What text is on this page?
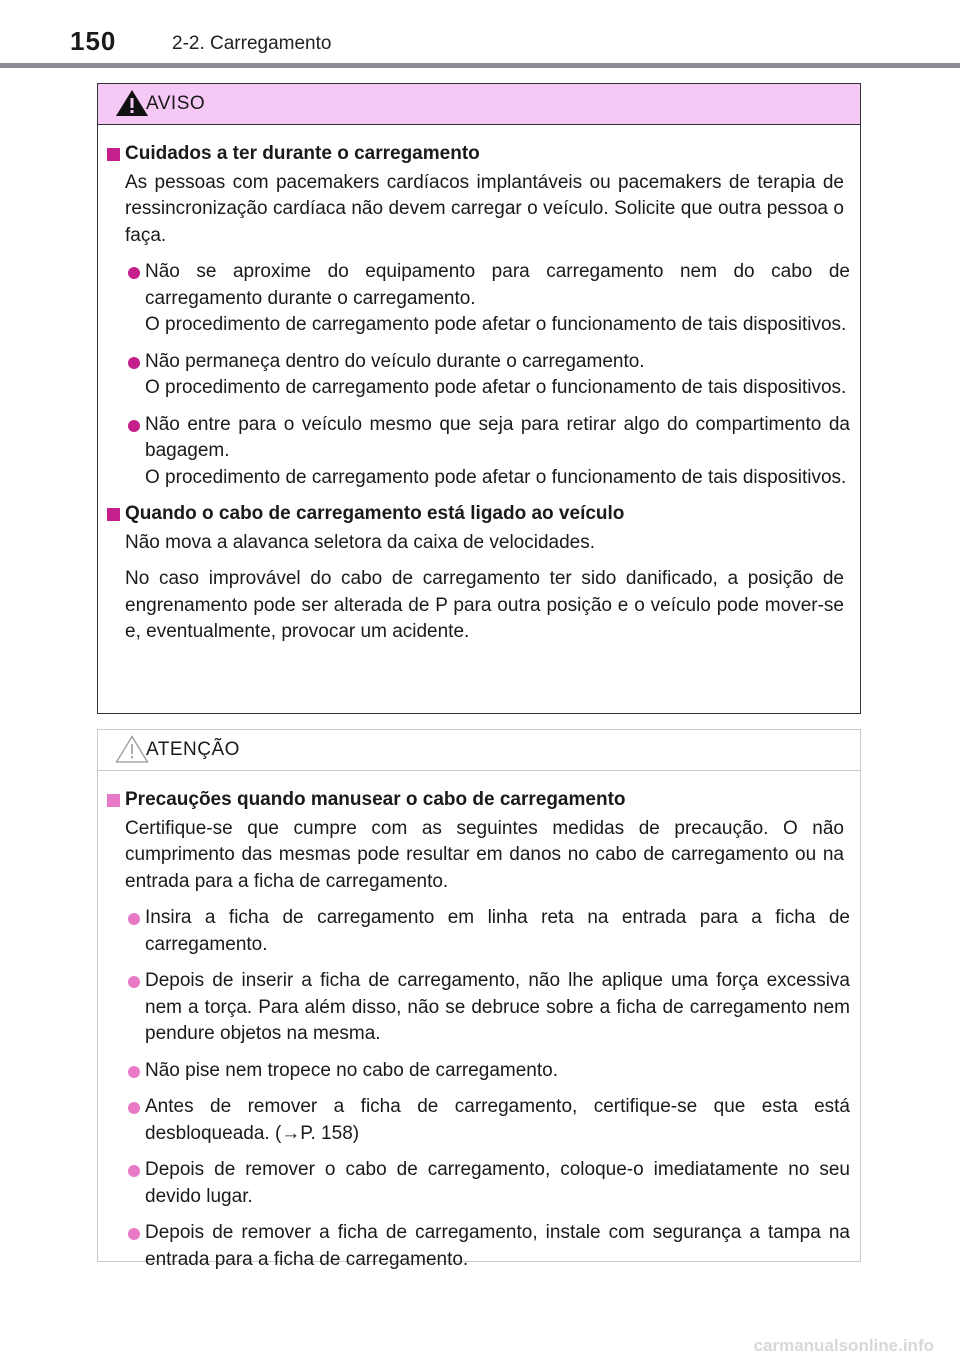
150	2-2. Carregamento
AVISO

Cuidados a ter durante o carregamento

As pessoas com pacemakers cardíacos implantáveis ou pacemakers de terapia de ressincronização cardíaca não devem carregar o veículo. Solicite que outra pessoa o faça.

Não se aproxime do equipamento para carregamento nem do cabo de carregamento durante o carregamento.
O procedimento de carregamento pode afetar o funcionamento de tais dispositivos.

Não permaneça dentro do veículo durante o carregamento.
O procedimento de carregamento pode afetar o funcionamento de tais dispositivos.

Não entre para o veículo mesmo que seja para retirar algo do compartimento da bagagem.
O procedimento de carregamento pode afetar o funcionamento de tais dispositivos.

Quando o cabo de carregamento está ligado ao veículo

Não mova a alavanca seletora da caixa de velocidades.

No caso improvável do cabo de carregamento ter sido danificado, a posição de engrenamento pode ser alterada de P para outra posição e o veículo pode mover-se e, eventualmente, provocar um acidente.

ATENÇÃO

Precauções quando manusear o cabo de carregamento

Certifique-se que cumpre com as seguintes medidas de precaução. O não cumprimento das mesmas pode resultar em danos no cabo de carregamento ou na entrada para a ficha de carregamento.

Insira a ficha de carregamento em linha reta na entrada para a ficha de carregamento.

Depois de inserir a ficha de carregamento, não lhe aplique uma força excessiva nem a torça. Para além disso, não se debruce sobre a ficha de carregamento nem pendure objetos na mesma.

Não pise nem tropece no cabo de carregamento.

Antes de remover a ficha de carregamento, certifique-se que esta está desbloqueada. (→P. 158)

Depois de remover o cabo de carregamento, coloque-o imediatamente no seu devido lugar.

Depois de remover a ficha de carregamento, instale com segurança a tampa na entrada para a ficha de carregamento.

carmanualsonline.info
